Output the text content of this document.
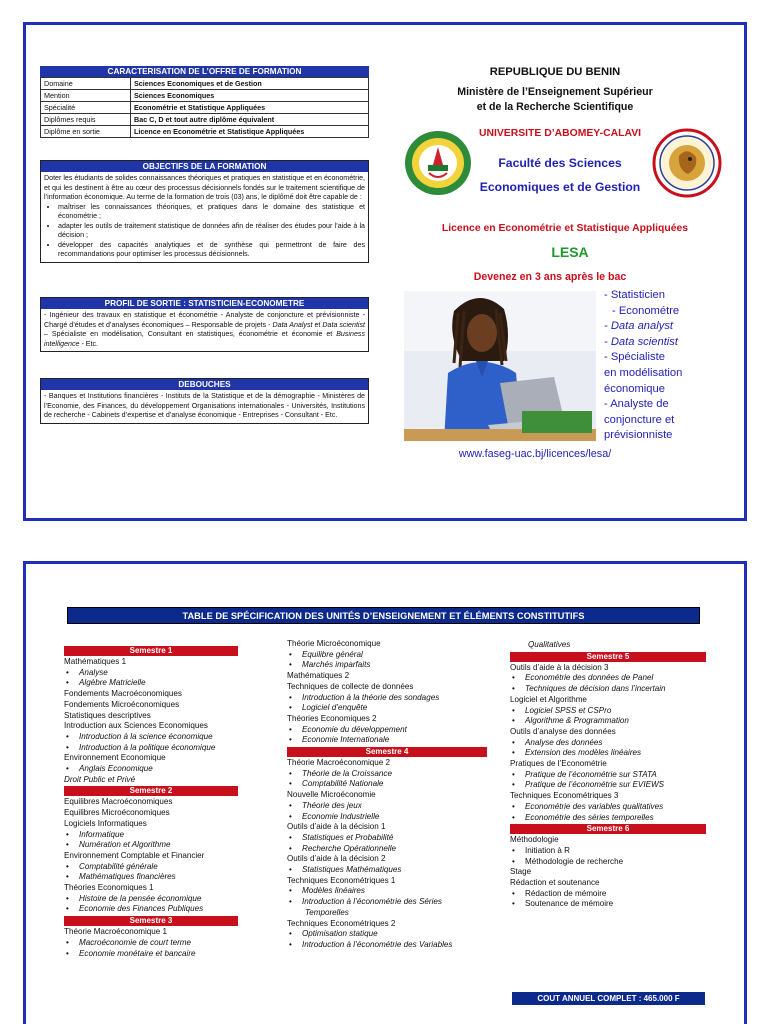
CARACTERISATION DE L’OFFRE DE FORMATION
Domaine	Sciences Economiques et de Gestion
Mention	Sciences Economiques
Spécialité	Econométrie et Statistique Appliquées
Diplômes requis	Bac C, D et tout autre diplôme équivalent
Diplôme en sortie	Licence en Econométrie et Statistique Appliquées
OBJECTIFS DE LA FORMATION
Doter les étudiants de solides connaissances théoriques et pratiques en statistique et en économétrie, et qui les destinent à être au cœur des processus décisionnels fondés sur le traitement scientifique de l’information économique. Au terme de la formation de trois (03) ans, le diplômé doit être capable de :
• maîtriser les connaissances théoriques, et pratiques dans le domaine des statistique et économétrie ;
• adapter les outils de traitement statistique de données afin de réaliser des études pour l’aide à la décision ;
• développer des capacités analytiques et de synthèse qui permettront de faire des recommandations pour optimiser les processus décisionnels.
PROFIL DE SORTIE : STATISTICIEN-ECONOMETRE
- Ingénieur des travaux en statistique et économétrie - Analyste de conjoncture et prévisionniste - Chargé d’études et d’analyses économiques – Responsable de projets - Data Analyst et Data scientist – Spécialiste en modélisation, Consultant en statistiques, économétrie et économie et Business intelligence - Etc.
DEBOUCHES
- Banques et Institutions financières - Instituts de la Statistique et de la démographie - Ministères de l’Economie, des Finances, du développement Organisations internationales - Universités, Institutions de recherche - Cabinets d’expertise et d’analyse économique - Entreprises - Consultant - Etc.
REPUBLIQUE DU BENIN
Ministère de l’Enseignement Supérieur
et de la Recherche Scientifique
UNIVERSITE D’ABOMEY-CALAVI
Faculté des Sciences
Economiques et de Gestion
Licence en Econométrie et Statistique Appliquées
LESA
Devenez en 3 ans après le bac
- Statisticien
- Econométre
- Data analyst
- Data scientist
- Spécialiste
en modélisation
économique
- Analyste de
conjoncture et
prévisionniste
www.faseg-uac.bj/licences/lesa/
TABLE DE SPÉCIFICATION DES UNITÉS D’ENSEIGNEMENT ET ÉLÉMENTS CONSTITUTIFS
Semestre 1
Mathématiques 1
• Analyse
• Algèbre Matricielle
Fondements Macroéconomiques
Fondements Microéconomiques
Statistiques descriptives
Introduction aux Sciences Economiques
• Introduction à la science économique
• Introduction à la politique économique
Environnement Economique
• Anglais Economique
Droit Public et Privé
Semestre 2
Equilibres Macroéconomiques
Equilibres Microéconomiques
Logiciels Informatiques
• Informatique
• Numération et Algorithme
Environnement Comptable et Financier
• Comptabilité générale
• Mathématiques financières
Théories Economiques 1
• Histoire de la pensée économique
• Economie des Finances Publiques
Semestre 3
Théorie Macroéconomique 1
• Macroéconomie de court terme
• Economie monétaire et bancaire
Théorie Microéconomique
• Equilibre général
• Marchés imparfaits
Mathématiques 2
Techniques de collecte de données
• Introduction à la théorie des sondages
• Logiciel d’enquête
Théories Economiques 2
• Economie du développement
• Economie Internationale
Semestre 4
Théorie Macroéconomique 2
• Théorie de la Croissance
• Comptabilité Nationale
Nouvelle Microéconomie
• Théorie des jeux
• Economie Industrielle
Outils d’aide à la décision 1
• Statistiques et Probabilité
• Recherche Opérationnelle
Outils d’aide à la décision 2
• Statistiques Mathématiques
Techniques Econométriques 1
• Modèles linéaires
• Introduction à l’économétrie des Séries
Temporelles
Techniques Econométriques 2
• Optimisation statique
• Introduction à l’économétrie des Variables
Qualitatives
Semestre 5
Outils d’aide à la décision 3
• Econométrie des données de Panel
• Techniques de décision dans l’incertain
Logiciel et Algorithme
• Logiciel SPSS et CSPro
• Algorithme & Programmation
Outils d’analyse des données
• Analyse des données
• Extension des modèles linéaires
Pratiques de l’Econométrie
• Pratique de l’économétrie sur STATA
• Pratique de l’économétrie sur EVIEWS
Techniques Econométriques 3
• Econométrie des variables qualitatives
• Econométrie des séries temporelles
Semestre 6
Méthodologie
• Initiation à R
• Méthodologie de recherche
Stage
Rédaction et soutenance
• Rédaction de mémoire
• Soutenance de mémoire
COUT ANNUEL COMPLET : 465.000 F
